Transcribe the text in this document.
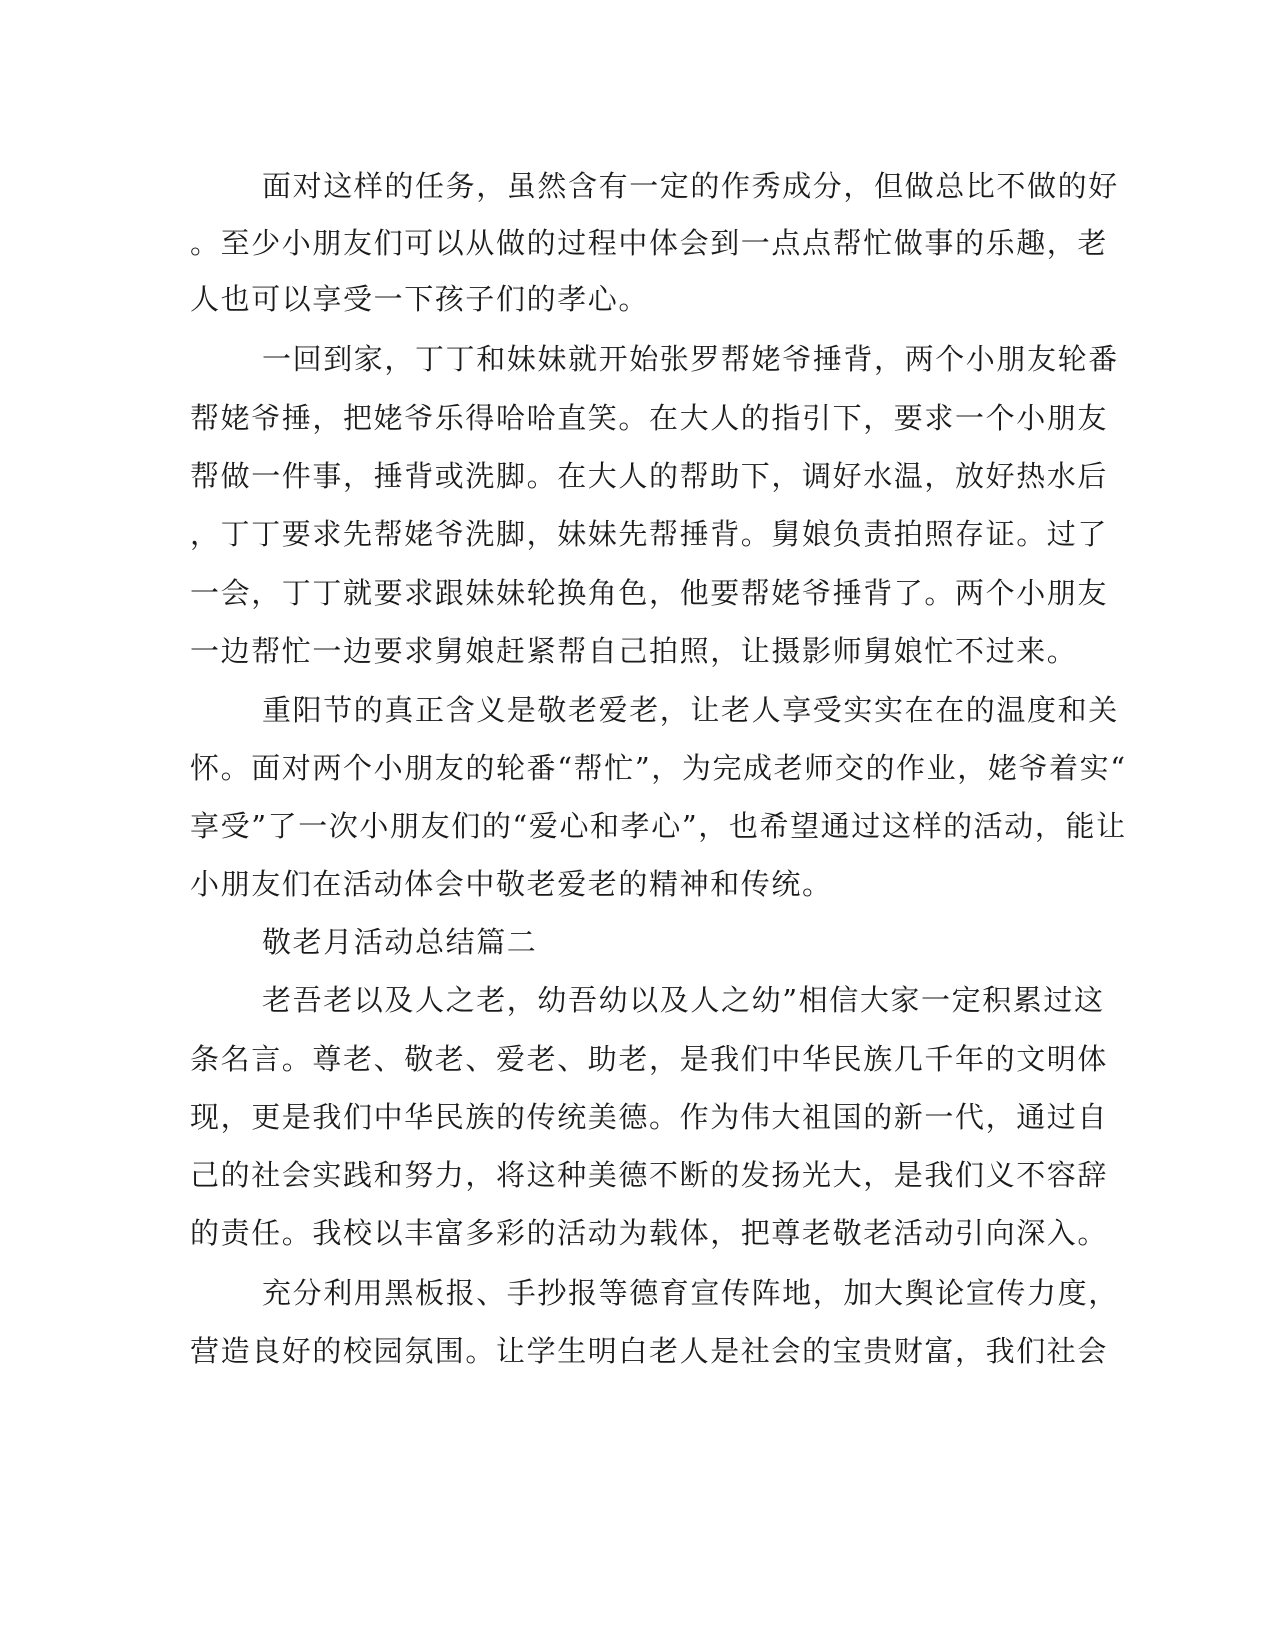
面对这样的任务，虽然含有一定的作秀成分，但做总比不做的好

。至少小朋友们可以从做的过程中体会到一点点帮忙做事的乐趣，老

人也可以享受一下孩子们的孝心。

一回到家，丁丁和妹妹就开始张罗帮姥爷捶背，两个小朋友轮番

帮姥爷捶，把姥爷乐得哈哈直笑。在大人的指引下，要求一个小朋友

帮做一件事，捶背或洗脚。在大人的帮助下，调好水温，放好热水后

，丁丁要求先帮姥爷洗脚，妹妹先帮捶背。舅娘负责拍照存证。过了

一会，丁丁就要求跟妹妹轮换角色，他要帮姥爷捶背了。两个小朋友

一边帮忙一边要求舅娘赶紧帮自己拍照，让摄影师舅娘忙不过来。

重阳节的真正含义是敬老爱老，让老人享受实实在在的温度和关

怀。面对两个小朋友的轮番“帮忙”，为完成老师交的作业，姥爷着实“

享受”了一次小朋友们的“爱心和孝心”，也希望通过这样的活动，能让

小朋友们在活动体会中敬老爱老的精神和传统。

敬老月活动总结篇二

老吾老以及人之老，幼吾幼以及人之幼”相信大家一定积累过这

条名言。尊老、敬老、爱老、助老，是我们中华民族几千年的文明体

现，更是我们中华民族的传统美德。作为伟大祖国的新一代，通过自

己的社会实践和努力，将这种美德不断的发扬光大，是我们义不容辞

的责任。我校以丰富多彩的活动为载体，把尊老敬老活动引向深入。

充分利用黑板报、手抄报等德育宣传阵地，加大舆论宣传力度，

营造良好的校园氛围。让学生明白老人是社会的宝贵财富，我们社会
